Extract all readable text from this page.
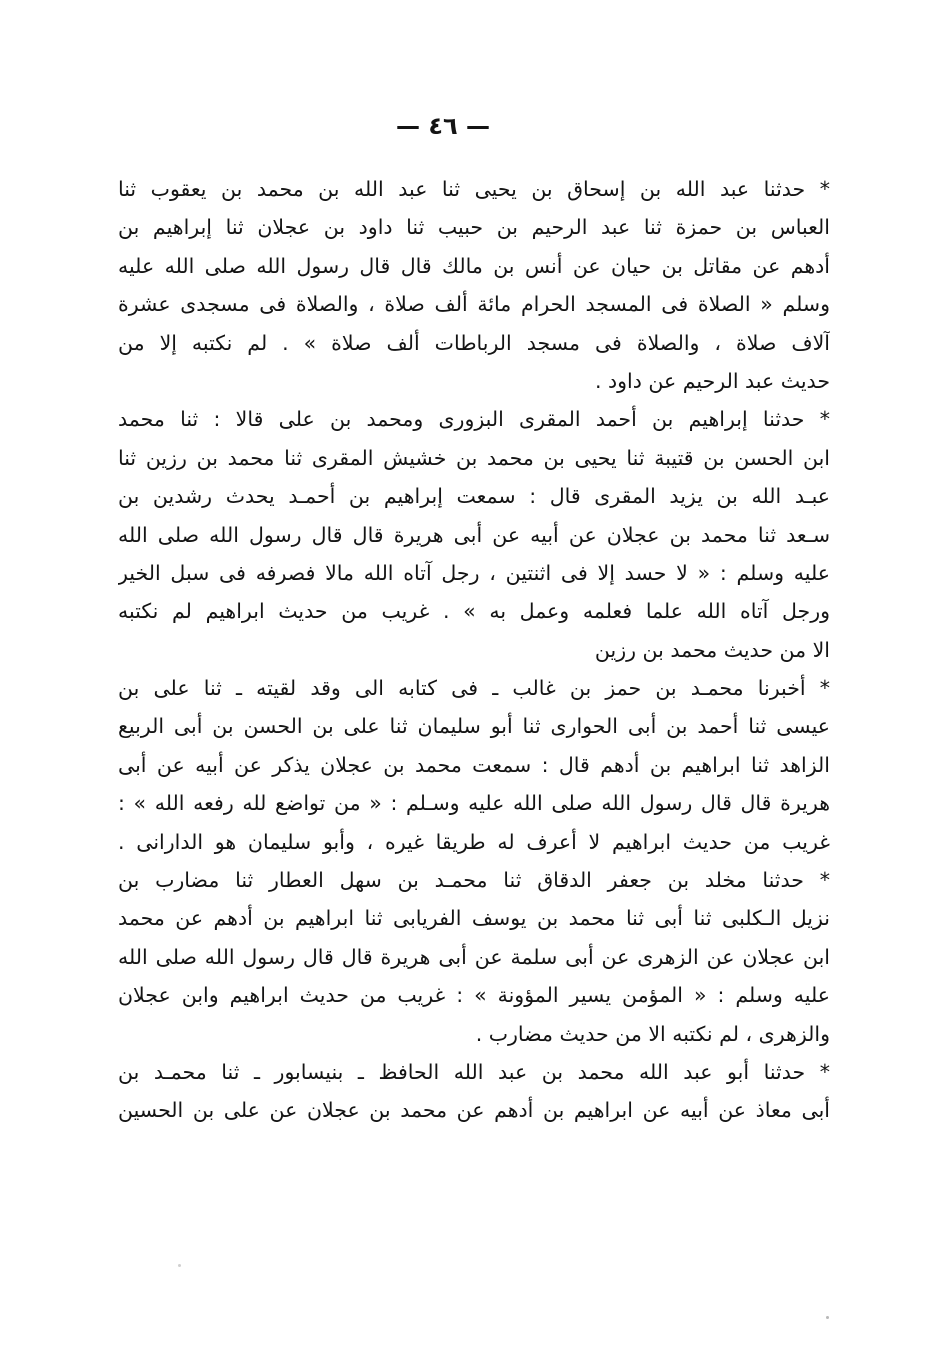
— ٤٦ —
* حدثنا عبد الله بن إسحاق بن يحيى ثنا عبد الله بن محمد بن يعقوب ثنا
العباس بن حمزة ثنا عبد الرحيم بن حبيب ثنا داود بن عجلان ثنا إبراهيم بن
أدهم عن مقاتل بن حيان عن أنس بن مالك قال قال رسول الله صلى الله عليه
وسلم « الصلاة فى المسجد الحرام مائة ألف صلاة ، والصلاة فى مسجدى عشرة
آلاف صلاة ، والصلاة فى مسجد الرباطات ألف صلاة » . لم نكتبه إلا من
حديث عبد الرحيم عن داود .
* حدثنا إبراهيم بن أحمد المقرى البزورى ومحمد بن على قالا : ثنا محمد
ابن الحسن بن قتيبة ثنا يحيى بن محمد بن خشيش المقرى ثنا محمد بن رزين ثنا
عبـد الله بن يزيد المقرى قال : سمعت إبراهيم بن أحمـد يحدث رشدين بن
سـعد ثنا محمد بن عجلان عن أبيه عن أبى هريرة قال قال رسول الله صلى الله
عليه وسلم : « لا حسد إلا فى اثنتين ، رجل آتاه الله مالا فصرفه فى سبل الخير
ورجل آتاه الله علما فعلمه وعمل به » . غريب من حديث ابراهيم لم نكتبه
الا من حديث محمد بن رزين
* أخبرنا محمـد بن حمز بن غالب ـ فى كتابه الى وقد لقيته ـ ثنا على بن
عيسى ثنا أحمد بن أبى الحوارى ثنا أبو سليمان ثنا على بن الحسن بن أبى الربيع
الزاهد ثنا ابراهيم بن أدهم قال : سمعت محمد بن عجلان يذكر عن أبيه عن أبى
هريرة قال قال رسول الله صلى الله عليه وسـلم : « من تواضع لله رفعه الله » :
غريب من حديث ابراهيم لا أعرف له طريقا غيره ، وأبو سليمان هو الدارانى .
* حدثنا مخلد بن جعفر الدقاق ثنا محمـد بن سهل العطار ثنا مضارب بن
نزيل الـكلبى ثنا أبى ثنا محمد بن يوسف الفريابى ثنا ابراهيم بن أدهم عن محمد
ابن عجلان عن الزهرى عن أبى سلمة عن أبى هريرة قال قال رسول الله صلى الله
عليه وسلم : « المؤمن يسير المؤونة » : غريب من حديث ابراهيم وابن عجلان
والزهرى ، لم نكتبه الا من حديث مضارب .
* حدثنا أبو عبد الله محمد بن عبد الله الحافظ ـ بنيسابور ـ ثنا محمـد بن
أبى معاذ عن أبيه عن ابراهيم بن أدهم عن محمد بن عجلان عن على بن الحسين
